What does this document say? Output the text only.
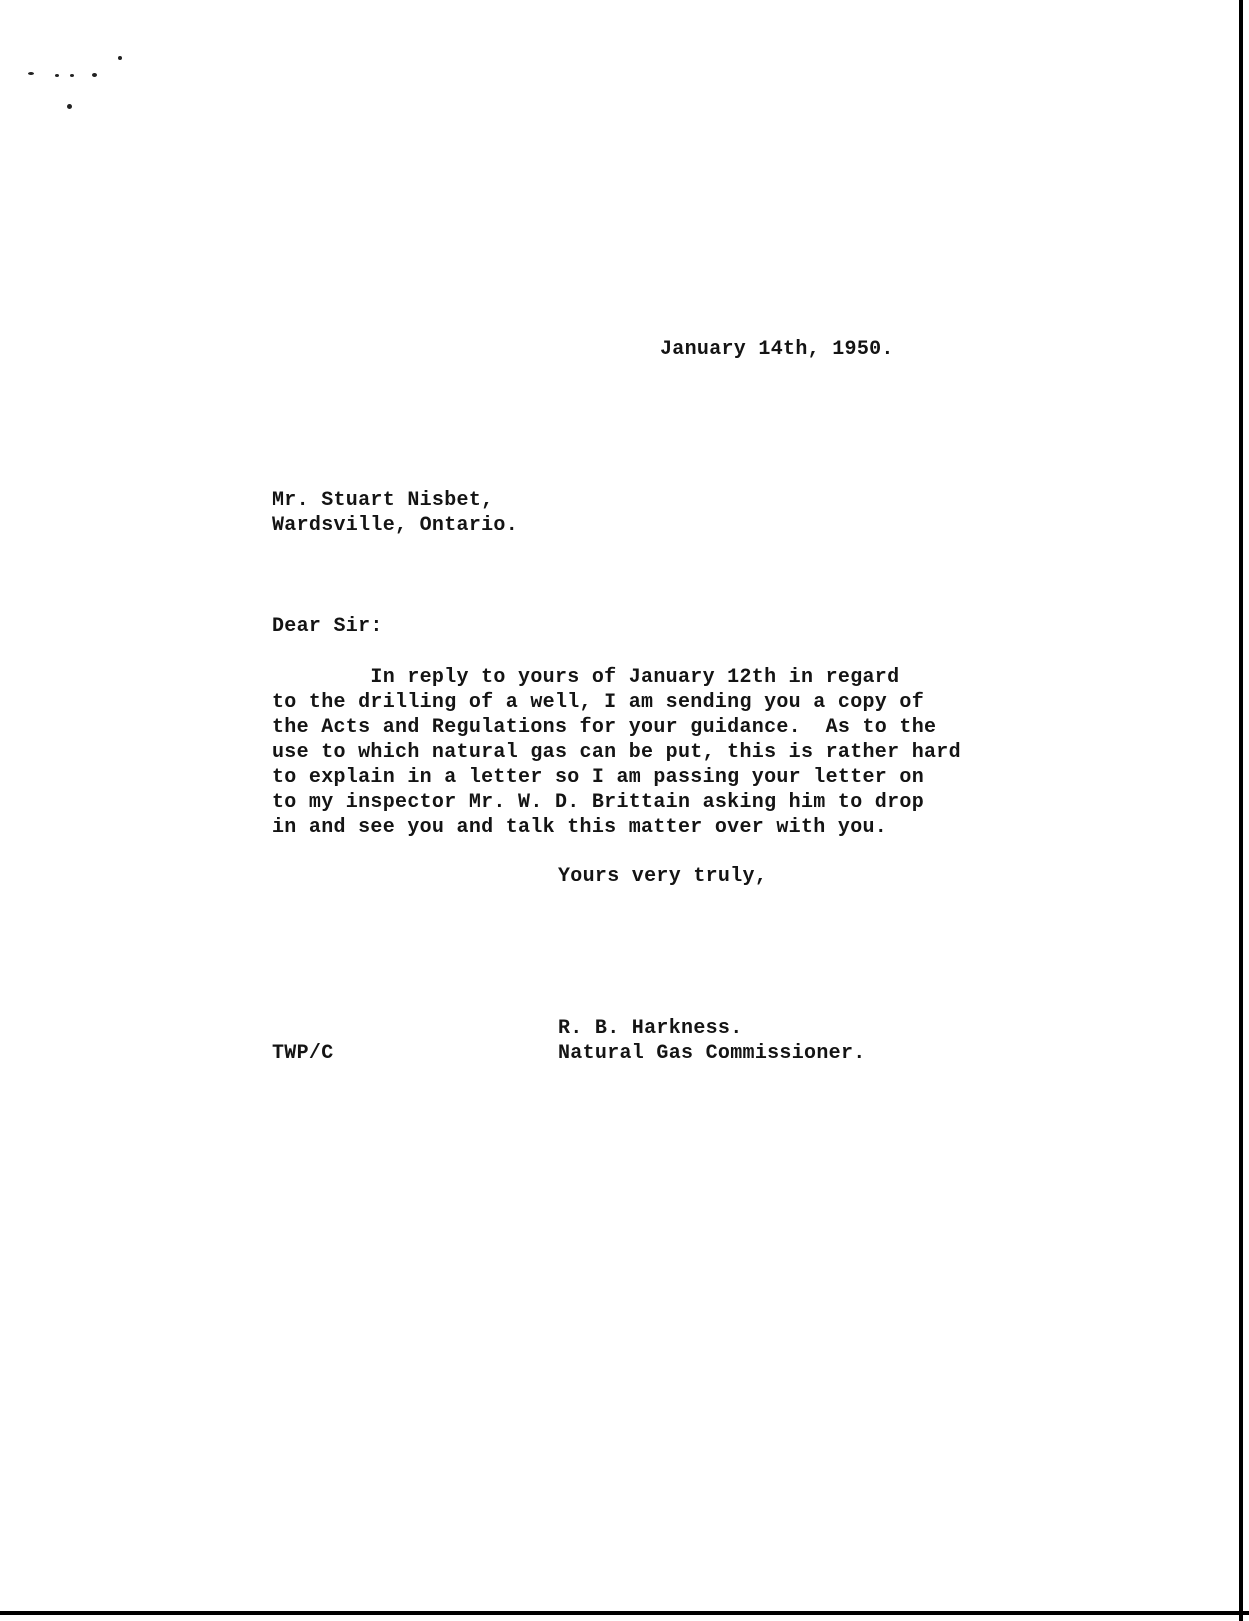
January 14th, 1950.
Mr. Stuart Nisbet,
Wardsville, Ontario.
Dear Sir:
In reply to yours of January 12th in regard
to the drilling of a well, I am sending you a copy of
the Acts and Regulations for your guidance.  As to the
use to which natural gas can be put, this is rather hard
to explain in a letter so I am passing your letter on
to my inspector Mr. W. D. Brittain asking him to drop
in and see you and talk this matter over with you.
Yours very truly,
R. B. Harkness.
Natural Gas Commissioner.
TWP/C
